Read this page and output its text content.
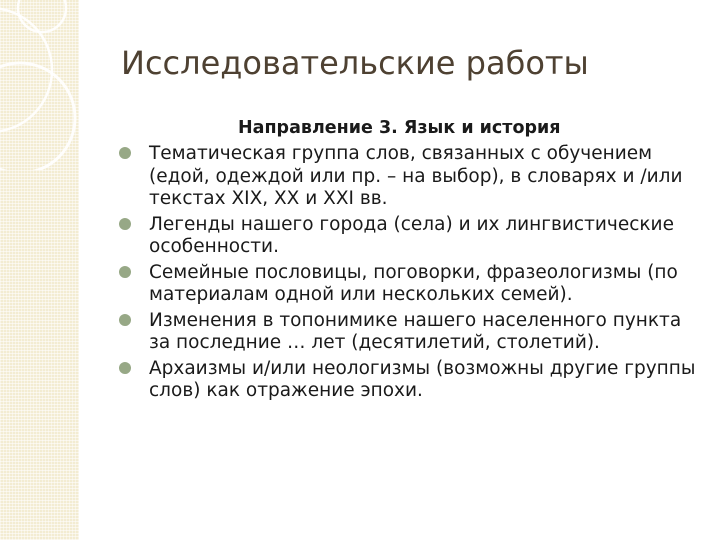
Исследовательские работы
Направление 3. Язык и история
Тематическая группа слов, связанных с обучением (едой, одеждой или пр. – на выбор), в словарях и /или текстах XIX, XX и XXI вв.
Легенды нашего города (села) и их лингвистические особенности.
Семейные пословицы, поговорки, фразеологизмы (по материалам одной или нескольких семей).
Изменения в топонимике нашего населенного пункта за последние … лет (десятилетий, столетий).
Архаизмы и/или неологизмы (возможны другие группы слов) как отражение эпохи.
